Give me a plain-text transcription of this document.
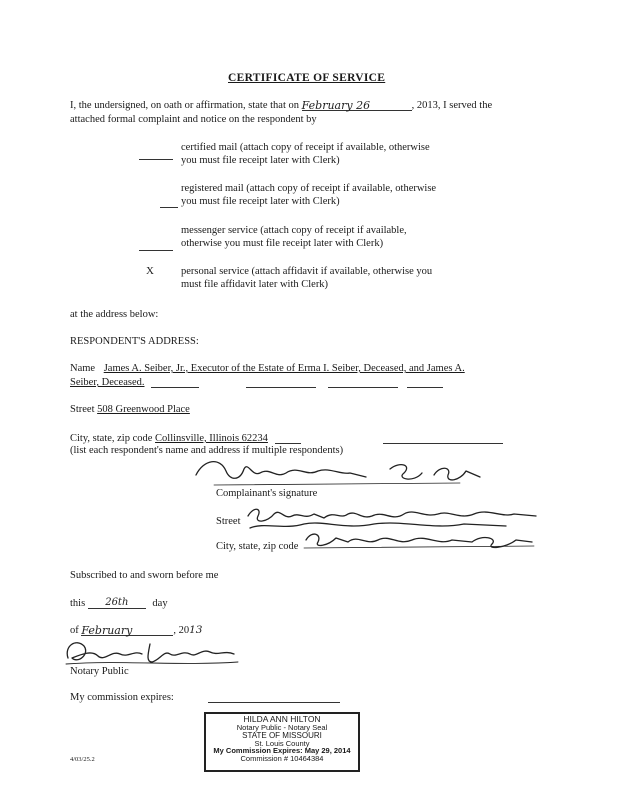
CERTIFICATE OF SERVICE
I, the undersigned, on oath or affirmation, state that on February 26	, 2013, I served the
attached formal complaint and notice on the respondent by
certified mail (attach copy of receipt if available, otherwise
you must file receipt later with Clerk)
registered mail (attach copy of receipt if available, otherwise
you must file receipt later with Clerk)
messenger service (attach copy of receipt if available,
otherwise you must file receipt later with Clerk)
X	personal service (attach affidavit if available, otherwise you
must file affidavit later with Clerk)
at the address below:
RESPONDENT'S ADDRESS:
Name James A. Seiber, Jr., Executor of the Estate of Erma I. Seiber, Deceased, and James A.
Seiber, Deceased.
Street 508 Greenwood Place
City, state, zip code Collinsville, Illinois 62234
(list each respondent's name and address if multiple respondents)
Complainant's signature
Street
City, state, zip code
Subscribed to and sworn before me
this 26th day
of February	, 2013
Notary Public
My commission expires:
HILDA ANN HILTON
Notary Public - Notary Seal
STATE OF MISSOURI
St. Louis County
My Commission Expires: May 29, 2014
Commission # 10464384
4/03/25.2
